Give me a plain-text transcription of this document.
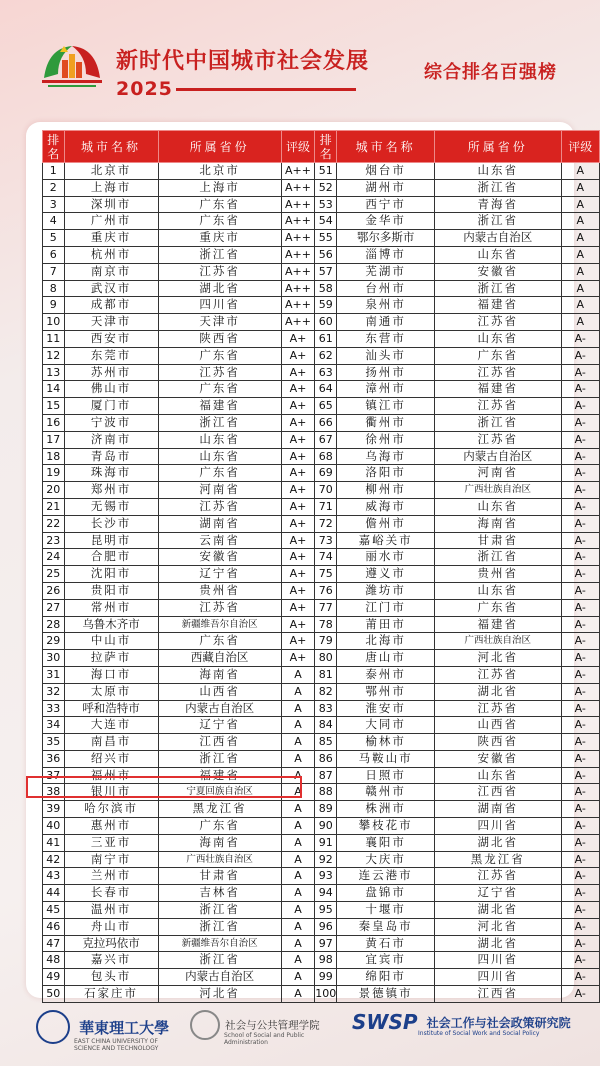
新时代中国城市社会发展
2025
综合排名百强榜
排名	城市名称	所属省份	评级	排名	城市名称	所属省份	评级
1	北京市	北京市	A++	51	烟台市	山东省	A
2	上海市	上海市	A++	52	湖州市	浙江省	A
3	深圳市	广东省	A++	53	西宁市	青海省	A
4	广州市	广东省	A++	54	金华市	浙江省	A
5	重庆市	重庆市	A++	55	鄂尔多斯市	内蒙古自治区	A
6	杭州市	浙江省	A++	56	淄博市	山东省	A
7	南京市	江苏省	A++	57	芜湖市	安徽省	A
8	武汉市	湖北省	A++	58	台州市	浙江省	A
9	成都市	四川省	A++	59	泉州市	福建省	A
10	天津市	天津市	A++	60	南通市	江苏省	A
11	西安市	陕西省	A+	61	东营市	山东省	A-
12	东莞市	广东省	A+	62	汕头市	广东省	A-
13	苏州市	江苏省	A+	63	扬州市	江苏省	A-
14	佛山市	广东省	A+	64	漳州市	福建省	A-
15	厦门市	福建省	A+	65	镇江市	江苏省	A-
16	宁波市	浙江省	A+	66	衢州市	浙江省	A-
17	济南市	山东省	A+	67	徐州市	江苏省	A-
18	青岛市	山东省	A+	68	乌海市	内蒙古自治区	A-
19	珠海市	广东省	A+	69	洛阳市	河南省	A-
20	郑州市	河南省	A+	70	柳州市	广西壮族自治区	A-
21	无锡市	江苏省	A+	71	威海市	山东省	A-
22	长沙市	湖南省	A+	72	儋州市	海南省	A-
23	昆明市	云南省	A+	73	嘉峪关市	甘肃省	A-
24	合肥市	安徽省	A+	74	丽水市	浙江省	A-
25	沈阳市	辽宁省	A+	75	遵义市	贵州省	A-
26	贵阳市	贵州省	A+	76	潍坊市	山东省	A-
27	常州市	江苏省	A+	77	江门市	广东省	A-
28	乌鲁木齐市	新疆维吾尔自治区	A+	78	莆田市	福建省	A-
29	中山市	广东省	A+	79	北海市	广西壮族自治区	A-
30	拉萨市	西藏自治区	A+	80	唐山市	河北省	A-
31	海口市	海南省	A	81	泰州市	江苏省	A-
32	太原市	山西省	A	82	鄂州市	湖北省	A-
33	呼和浩特市	内蒙古自治区	A	83	淮安市	江苏省	A-
34	大连市	辽宁省	A	84	大同市	山西省	A-
35	南昌市	江西省	A	85	榆林市	陕西省	A-
36	绍兴市	浙江省	A	86	马鞍山市	安徽省	A-
37	福州市	福建省	A	87	日照市	山东省	A-
38	银川市	宁夏回族自治区	A	88	赣州市	江西省	A-
39	哈尔滨市	黑龙江省	A	89	株洲市	湖南省	A-
40	惠州市	广东省	A	90	攀枝花市	四川省	A-
41	三亚市	海南省	A	91	襄阳市	湖北省	A-
42	南宁市	广西壮族自治区	A	92	大庆市	黑龙江省	A-
43	兰州市	甘肃省	A	93	连云港市	江苏省	A-
44	长春市	吉林省	A	94	盘锦市	辽宁省	A-
45	温州市	浙江省	A	95	十堰市	湖北省	A-
46	舟山市	浙江省	A	96	秦皇岛市	河北省	A-
47	克拉玛依市	新疆维吾尔自治区	A	97	黄石市	湖北省	A-
48	嘉兴市	浙江省	A	98	宜宾市	四川省	A-
49	包头市	内蒙古自治区	A	99	绵阳市	四川省	A-
50	石家庄市	河北省	A	100	景德镇市	江西省	A-
華東理工大學
EAST CHINA UNIVERSITY OF SCIENCE AND TECHNOLOGY
社会与公共管理学院
School of Social and Public Administration
SWSP 社会工作与社会政策研究院
Institute of Social Work and Social Policy
